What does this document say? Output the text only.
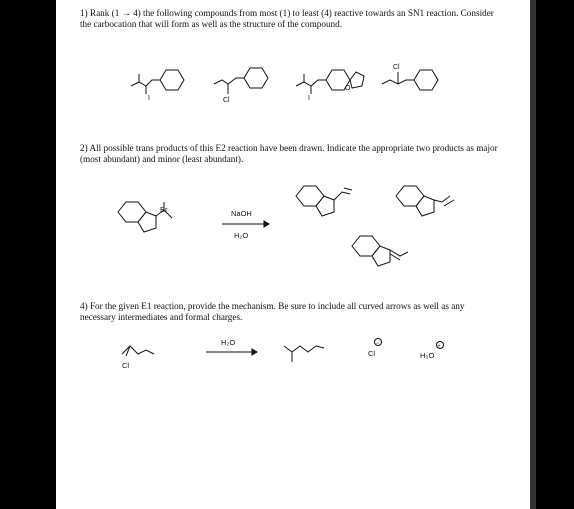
1) Rank (1 → 4) the following compounds from most (1) to least (4) reactive towards an SN1 reaction. Consider the carbocation that will form as well as the structure of the compound.
2) All possible trans products of this E2 reaction have been drawn. Indicate the appropriate two products as major (most abundant) and minor (least abundant).
4) For the given E1 reaction, provide the mechanism. Be sure to include all curved arrows as well as any necessary intermediates and formal charges.
I	Cl	I
O
Cl
Br	NaOH
H₂O
Cl
H₂O
Cl
−
H₃O
+
